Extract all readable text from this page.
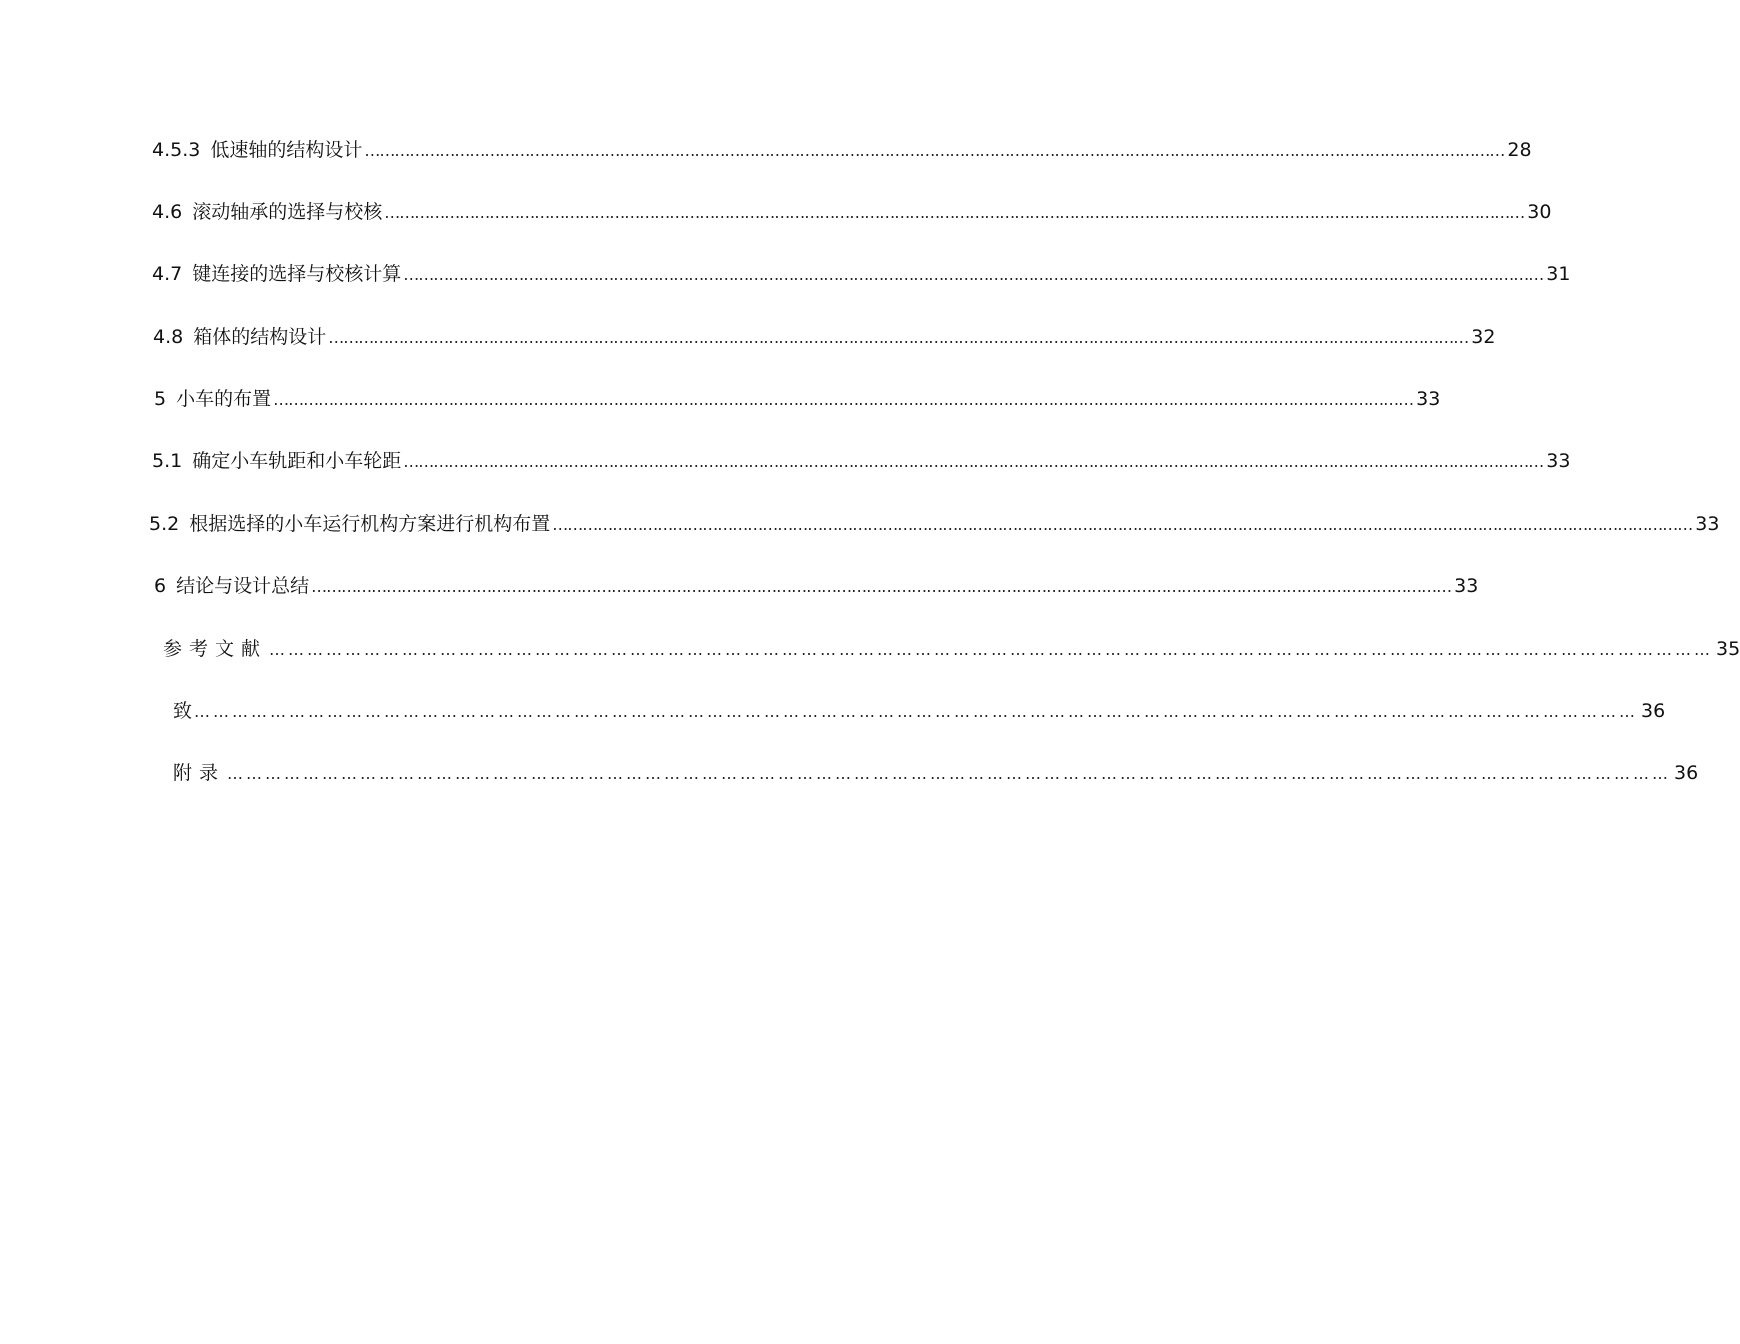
4.5.3 低速轴的结构设计 ………………………………………………………………………………………………………………………………………………………………………………………………………… 28
4.6 滚动轴承的选择与校核 ………………………………………………………………………………………………………………………………………………………………………………………………………… 30
4.7 键连接的选择与校核计算 ………………………………………………………………………………………………………………………………………………………………………………………………………… 31
4.8 箱体的结构设计 ………………………………………………………………………………………………………………………………………………………………………………………………………… 32
5 小车的布置 ………………………………………………………………………………………………………………………………………………………………………………………………………… 33
5.1 确定小车轨距和小车轮距 ………………………………………………………………………………………………………………………………………………………………………………………………………… 33
5.2 根据选择的小车运行机构方案进行机构布置 ………………………………………………………………………………………………………………………………………………………………………………………………………… 33
6 结论与设计总结 ………………………………………………………………………………………………………………………………………………………………………………………………………… 33
参考文献 ………………………………………………………………………………………………………………………………………………………………………………………………………… 35
致 ………………………………………………………………………………………………………………………………………………………………………………………………………… 36
附录 ………………………………………………………………………………………………………………………………………………………………………………………………………… 36
